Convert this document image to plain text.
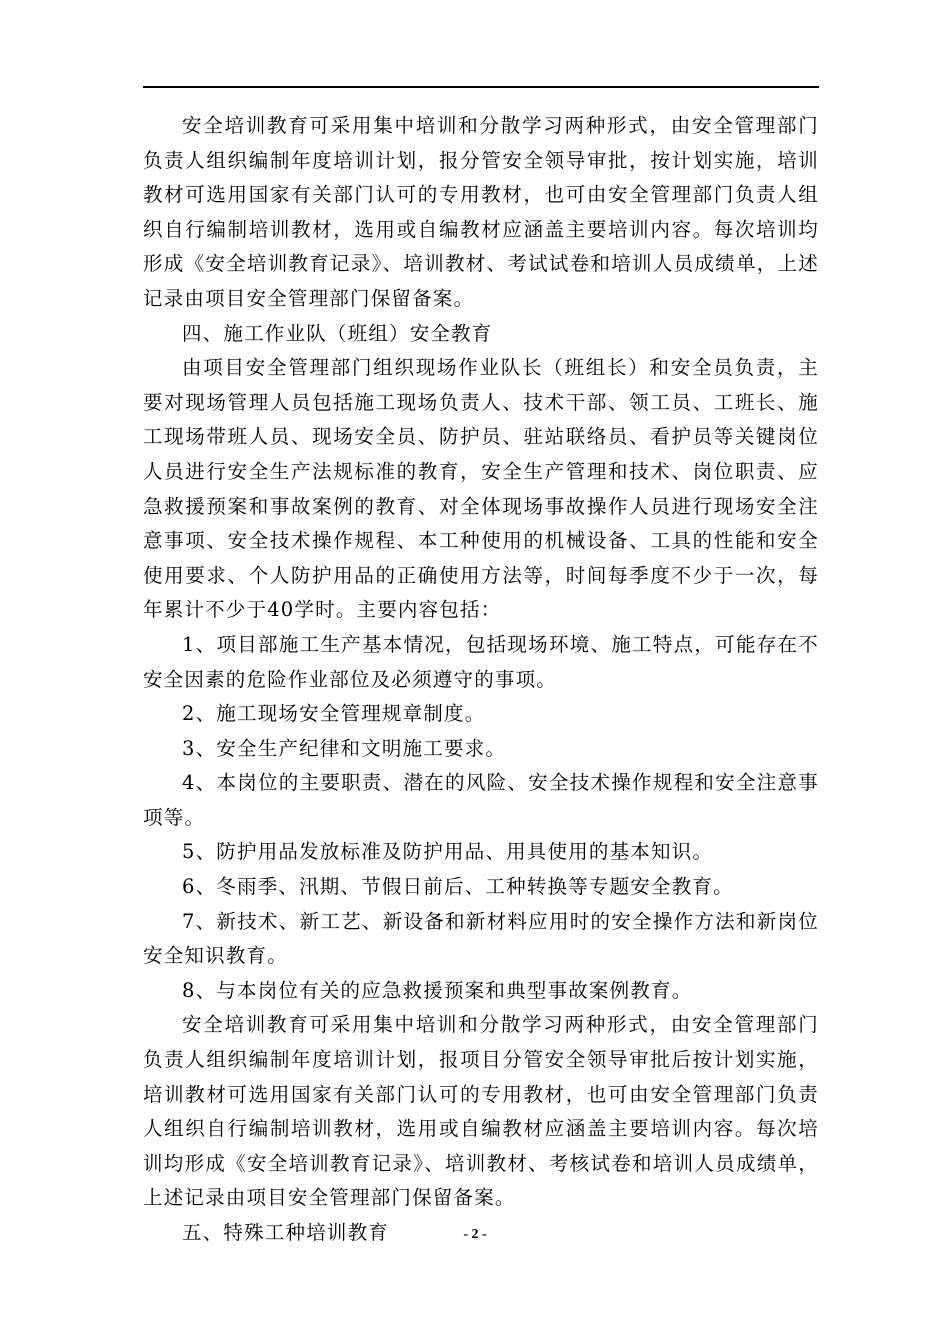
安全培训教育可采用集中培训和分散学习两种形式，由安全管理部门负责人组织编制年度培训计划，报分管安全领导审批，按计划实施，培训教材可选用国家有关部门认可的专用教材，也可由安全管理部门负责人组织自行编制培训教材，选用或自编教材应涵盖主要培训内容。每次培训均形成《安全培训教育记录》、培训教材、考试试卷和培训人员成绩单，上述记录由项目安全管理部门保留备案。

四、施工作业队（班组）安全教育

由项目安全管理部门组织现场作业队长（班组长）和安全员负责，主要对现场管理人员包括施工现场负责人、技术干部、领工员、工班长、施工现场带班人员、现场安全员、防护员、驻站联络员、看护员等关键岗位人员进行安全生产法规标准的教育，安全生产管理和技术、岗位职责、应急救援预案和事故案例的教育、对全体现场事故操作人员进行现场安全注意事项、安全技术操作规程、本工种使用的机械设备、工具的性能和安全使用要求、个人防护用品的正确使用方法等，时间每季度不少于一次，每年累计不少于40学时。主要内容包括：

1、项目部施工生产基本情况，包括现场环境、施工特点，可能存在不安全因素的危险作业部位及必须遵守的事项。

2、施工现场安全管理规章制度。

3、安全生产纪律和文明施工要求。

4、本岗位的主要职责、潜在的风险、安全技术操作规程和安全注意事项等。

5、防护用品发放标准及防护用品、用具使用的基本知识。

6、冬雨季、汛期、节假日前后、工种转换等专题安全教育。

7、新技术、新工艺、新设备和新材料应用时的安全操作方法和新岗位安全知识教育。

8、与本岗位有关的应急救援预案和典型事故案例教育。

安全培训教育可采用集中培训和分散学习两种形式，由安全管理部门负责人组织编制年度培训计划，报项目分管安全领导审批后按计划实施，培训教材可选用国家有关部门认可的专用教材，也可由安全管理部门负责人组织自行编制培训教材，选用或自编教材应涵盖主要培训内容。每次培训均形成《安全培训教育记录》、培训教材、考核试卷和培训人员成绩单，上述记录由项目安全管理部门保留备案。

五、特殊工种培训教育	- 2 -
